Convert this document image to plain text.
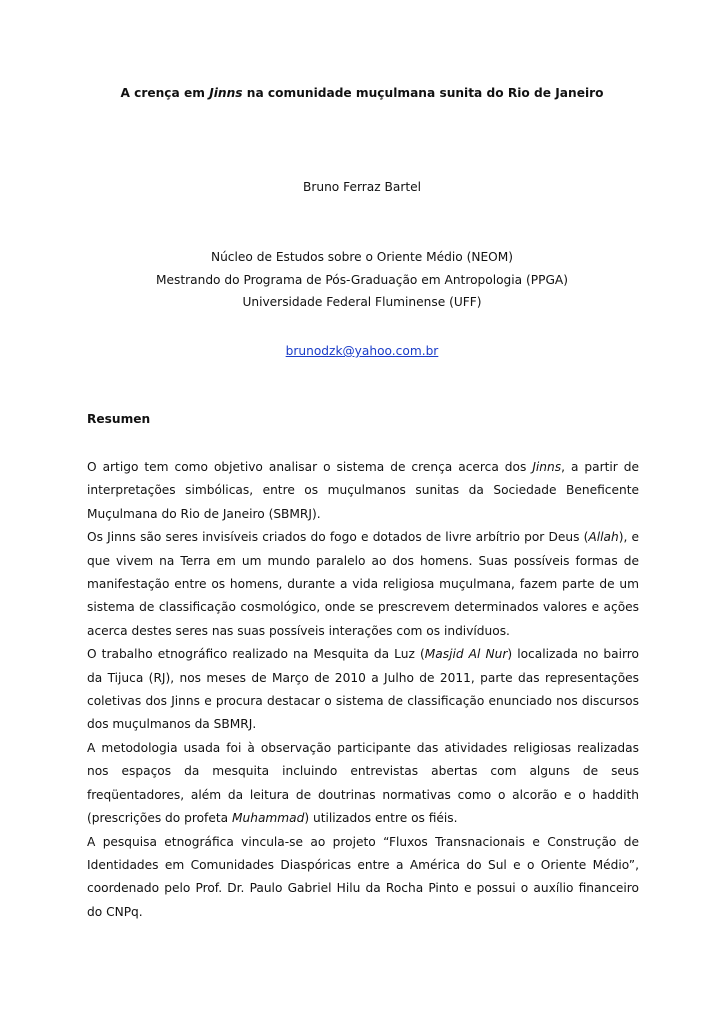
A crença em Jinns na comunidade muçulmana sunita do Rio de Janeiro
Bruno Ferraz Bartel
Núcleo de Estudos sobre o Oriente Médio (NEOM)
Mestrando do Programa de Pós-Graduação em Antropologia (PPGA)
Universidade Federal Fluminense (UFF)
brunodzk@yahoo.com.br
Resumen

O artigo tem como objetivo analisar o sistema de crença acerca dos Jinns, a partir de interpretações simbólicas, entre os muçulmanos sunitas da Sociedade Beneficente Muçulmana do Rio de Janeiro (SBMRJ).

Os Jinns são seres invisíveis criados do fogo e dotados de livre arbítrio por Deus (Allah), e que vivem na Terra em um mundo paralelo ao dos homens. Suas possíveis formas de manifestação entre os homens, durante a vida religiosa muçulmana, fazem parte de um sistema de classificação cosmológico, onde se prescrevem determinados valores e ações acerca destes seres nas suas possíveis interações com os indivíduos.

O trabalho etnográfico realizado na Mesquita da Luz (Masjid Al Nur) localizada no bairro da Tijuca (RJ), nos meses de Março de 2010 a Julho de 2011, parte das representações coletivas dos Jinns e procura destacar o sistema de classificação enunciado nos discursos dos muçulmanos da SBMRJ.

A metodologia usada foi à observação participante das atividades religiosas realizadas nos espaços da mesquita incluindo entrevistas abertas com alguns de seus freqüentadores, além da leitura de doutrinas normativas como o alcorão e o haddith (prescrições do profeta Muhammad) utilizados entre os fiéis.

A pesquisa etnográfica vincula-se ao projeto “Fluxos Transnacionais e Construção de Identidades em Comunidades Diaspóricas entre a América do Sul e o Oriente Médio”, coordenado pelo Prof. Dr. Paulo Gabriel Hilu da Rocha Pinto e possui o auxílio financeiro do CNPq.
